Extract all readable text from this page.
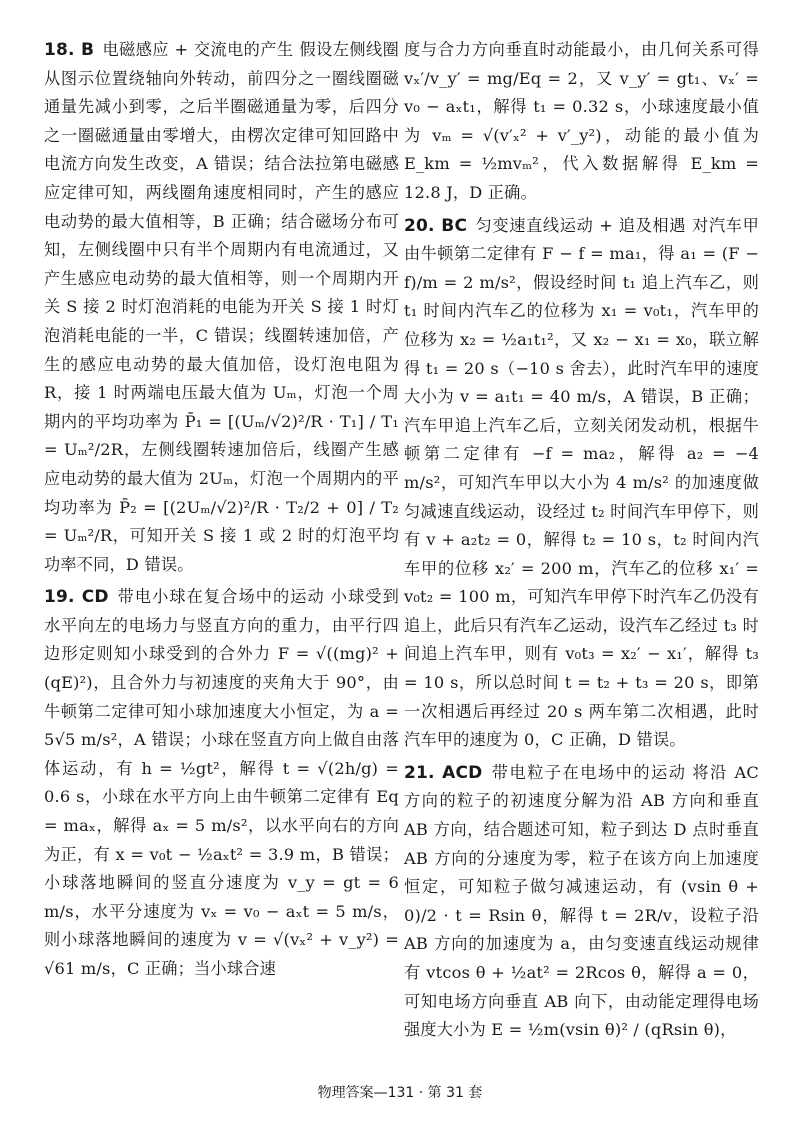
18. B 电磁感应 + 交流电的产生 假设左侧线圈从图示位置绕轴向外转动，前四分之一圈线圈磁通量先减小到零，之后半圈磁通量为零，后四分之一圈磁通量由零增大，由楞次定律可知回路中电流方向发生改变，A 错误；结合法拉第电磁感应定律可知，两线圈角速度相同时，产生的感应电动势的最大值相等，B 正确；结合磁场分布可知，左侧线圈中只有半个周期内有电流通过，又产生感应电动势的最大值相等，则一个周期内开关 S 接 2 时灯泡消耗的电能为开关 S 接 1 时灯泡消耗电能的一半，C 错误；线圈转速加倍，产生的感应电动势的最大值加倍，设灯泡电阻为 R，接 1 时两端电压最大值为 Uₘ，灯泡一个周期内的平均功率为 P̄₁ = [(Uₘ/√2)²/R · T₁] / T₁ = Uₘ²/2R，左侧线圈转速加倍后，线圈产生感应电动势的最大值为 2Uₘ，灯泡一个周期内的平均功率为 P̄₂ = [(2Uₘ/√2)²/R · T₂/2 + 0] / T₂ = Uₘ²/R，可知开关 S 接 1 或 2 时的灯泡平均功率不同，D 错误。

19. CD 带电小球在复合场中的运动 小球受到水平向左的电场力与竖直方向的重力，由平行四边形定则知小球受到的合外力 F = √((mg)² + (qE)²)，且合外力与初速度的夹角大于 90°，由牛顿第二定律可知小球加速度大小恒定，为 a = 5√5 m/s²，A 错误；小球在竖直方向上做自由落体运动，有 h = ½gt²，解得 t = √(2h/g) = 0.6 s，小球在水平方向上由牛顿第二定律有 Eq = maₓ，解得 aₓ = 5 m/s²，以水平向右的方向为正，有 x = v₀t − ½aₓt² = 3.9 m，B 错误；小球落地瞬间的竖直分速度为 v_y = gt = 6 m/s，水平分速度为 vₓ = v₀ − aₓt = 5 m/s，则小球落地瞬间的速度为 v = √(vₓ² + v_y²) = √61 m/s，C 正确；当小球合速

度与合力方向垂直时动能最小，由几何关系可得 vₓ′/v_y′ = mg/Eq = 2，又 v_y′ = gt₁、vₓ′ = v₀ − aₓt₁，解得 t₁ = 0.32 s，小球速度最小值为 vₘ = √(v′ₓ² + v′_y²)，动能的最小值为 E_km = ½mvₘ²，代入数据解得 E_km = 12.8 J，D 正确。

20. BC 匀变速直线运动 + 追及相遇 对汽车甲由牛顿第二定律有 F − f = ma₁，得 a₁ = (F − f)/m = 2 m/s²，假设经时间 t₁ 追上汽车乙，则 t₁ 时间内汽车乙的位移为 x₁ = v₀t₁，汽车甲的位移为 x₂ = ½a₁t₁²，又 x₂ − x₁ = x₀，联立解得 t₁ = 20 s（−10 s 舍去），此时汽车甲的速度大小为 v = a₁t₁ = 40 m/s，A 错误，B 正确；汽车甲追上汽车乙后，立刻关闭发动机，根据牛顿第二定律有 −f = ma₂，解得 a₂ = −4 m/s²，可知汽车甲以大小为 4 m/s² 的加速度做匀减速直线运动，设经过 t₂ 时间汽车甲停下，则有 v + a₂t₂ = 0，解得 t₂ = 10 s，t₂ 时间内汽车甲的位移 x₂′ = 200 m，汽车乙的位移 x₁′ = v₀t₂ = 100 m，可知汽车甲停下时汽车乙仍没有追上，此后只有汽车乙运动，设汽车乙经过 t₃ 时间追上汽车甲，则有 v₀t₃ = x₂′ − x₁′，解得 t₃ = 10 s，所以总时间 t = t₂ + t₃ = 20 s，即第一次相遇后再经过 20 s 两车第二次相遇，此时汽车甲的速度为 0，C 正确，D 错误。

21. ACD 带电粒子在电场中的运动 将沿 AC 方向的粒子的初速度分解为沿 AB 方向和垂直 AB 方向，结合题述可知，粒子到达 D 点时垂直 AB 方向的分速度为零，粒子在该方向上加速度恒定，可知粒子做匀减速运动，有 (vsin θ + 0)/2 · t = Rsin θ，解得 t = 2R/v，设粒子沿 AB 方向的加速度为 a，由匀变速直线运动规律有 vtcos θ + ½at² = 2Rcos θ，解得 a = 0，可知电场方向垂直 AB 向下，由动能定理得电场强度大小为 E = ½m(vsin θ)² / (qRsin θ)，

物理答案—131 · 第 31 套
